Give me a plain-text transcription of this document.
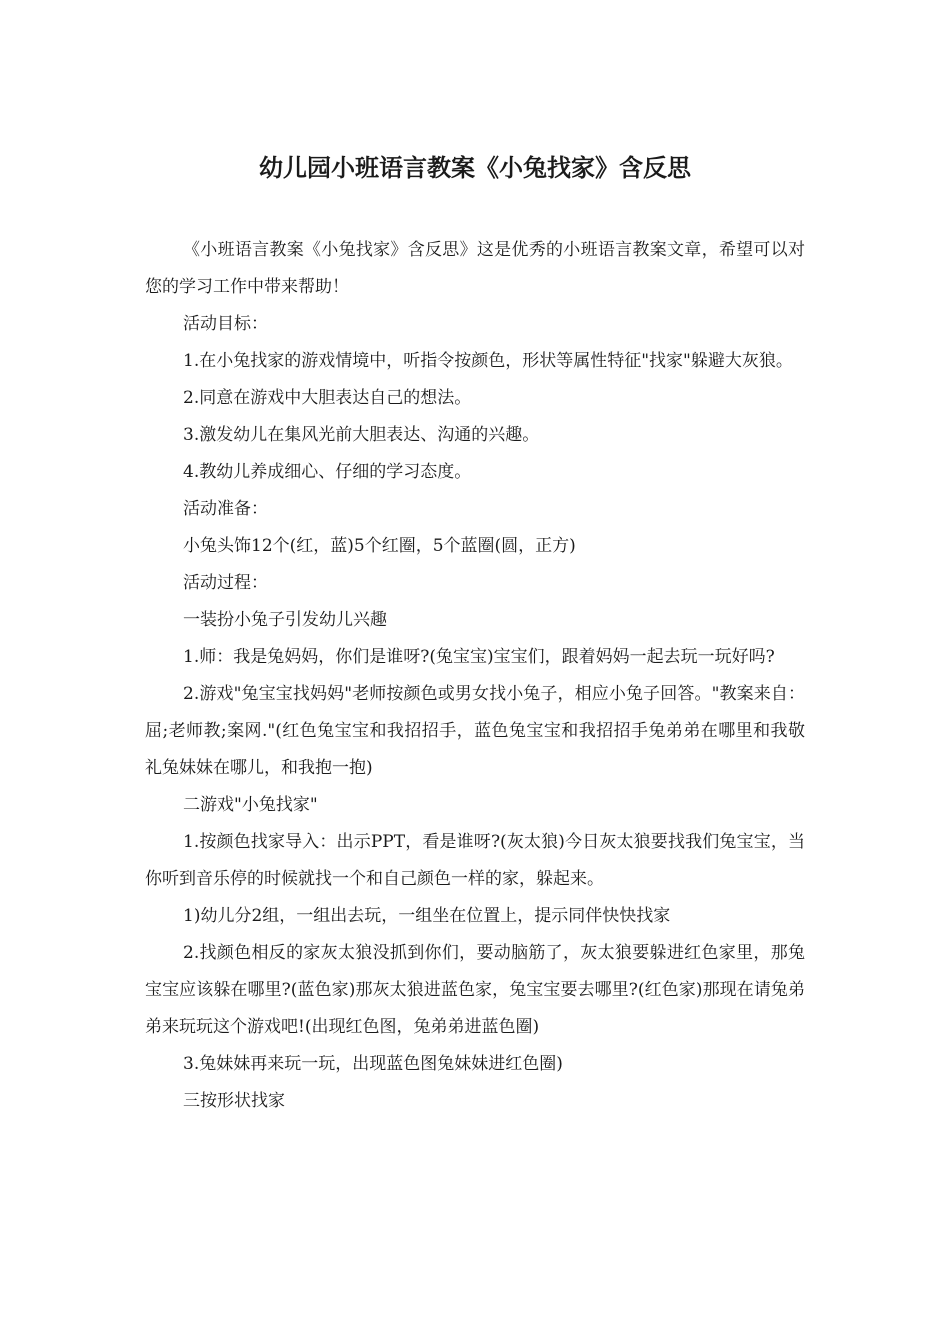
幼儿园小班语言教案《小兔找家》含反思

《小班语言教案《小兔找家》含反思》这是优秀的小班语言教案文章，希望可以对您的学习工作中带来帮助！

活动目标：

1.在小兔找家的游戏情境中，听指令按颜色，形状等属性特征"找家"躲避大灰狼。

2.同意在游戏中大胆表达自己的想法。

3.激发幼儿在集风光前大胆表达、沟通的兴趣。

4.教幼儿养成细心、仔细的学习态度。

活动准备：

小兔头饰12个(红，蓝)5个红圈，5个蓝圈(圆，正方)

活动过程：

一装扮小兔子引发幼儿兴趣

1.师：我是兔妈妈，你们是谁呀?(兔宝宝)宝宝们，跟着妈妈一起去玩一玩好吗?

2.游戏"兔宝宝找妈妈"老师按颜色或男女找小兔子，相应小兔子回答。"教案来自：屈;老师教;案网."(红色兔宝宝和我招招手，蓝色兔宝宝和我招招手兔弟弟在哪里和我敬礼兔妹妹在哪儿，和我抱一抱)

二游戏"小兔找家"

1.按颜色找家导入：出示PPT，看是谁呀?(灰太狼)今日灰太狼要找我们兔宝宝，当你听到音乐停的时候就找一个和自己颜色一样的家，躲起来。

1)幼儿分2组，一组出去玩，一组坐在位置上，提示同伴快快找家

2.找颜色相反的家灰太狼没抓到你们，要动脑筋了，灰太狼要躲进红色家里，那兔宝宝应该躲在哪里?(蓝色家)那灰太狼进蓝色家，兔宝宝要去哪里?(红色家)那现在请兔弟弟来玩玩这个游戏吧!(出现红色图，兔弟弟进蓝色圈)

3.兔妹妹再来玩一玩，出现蓝色图兔妹妹进红色圈)

三按形状找家
